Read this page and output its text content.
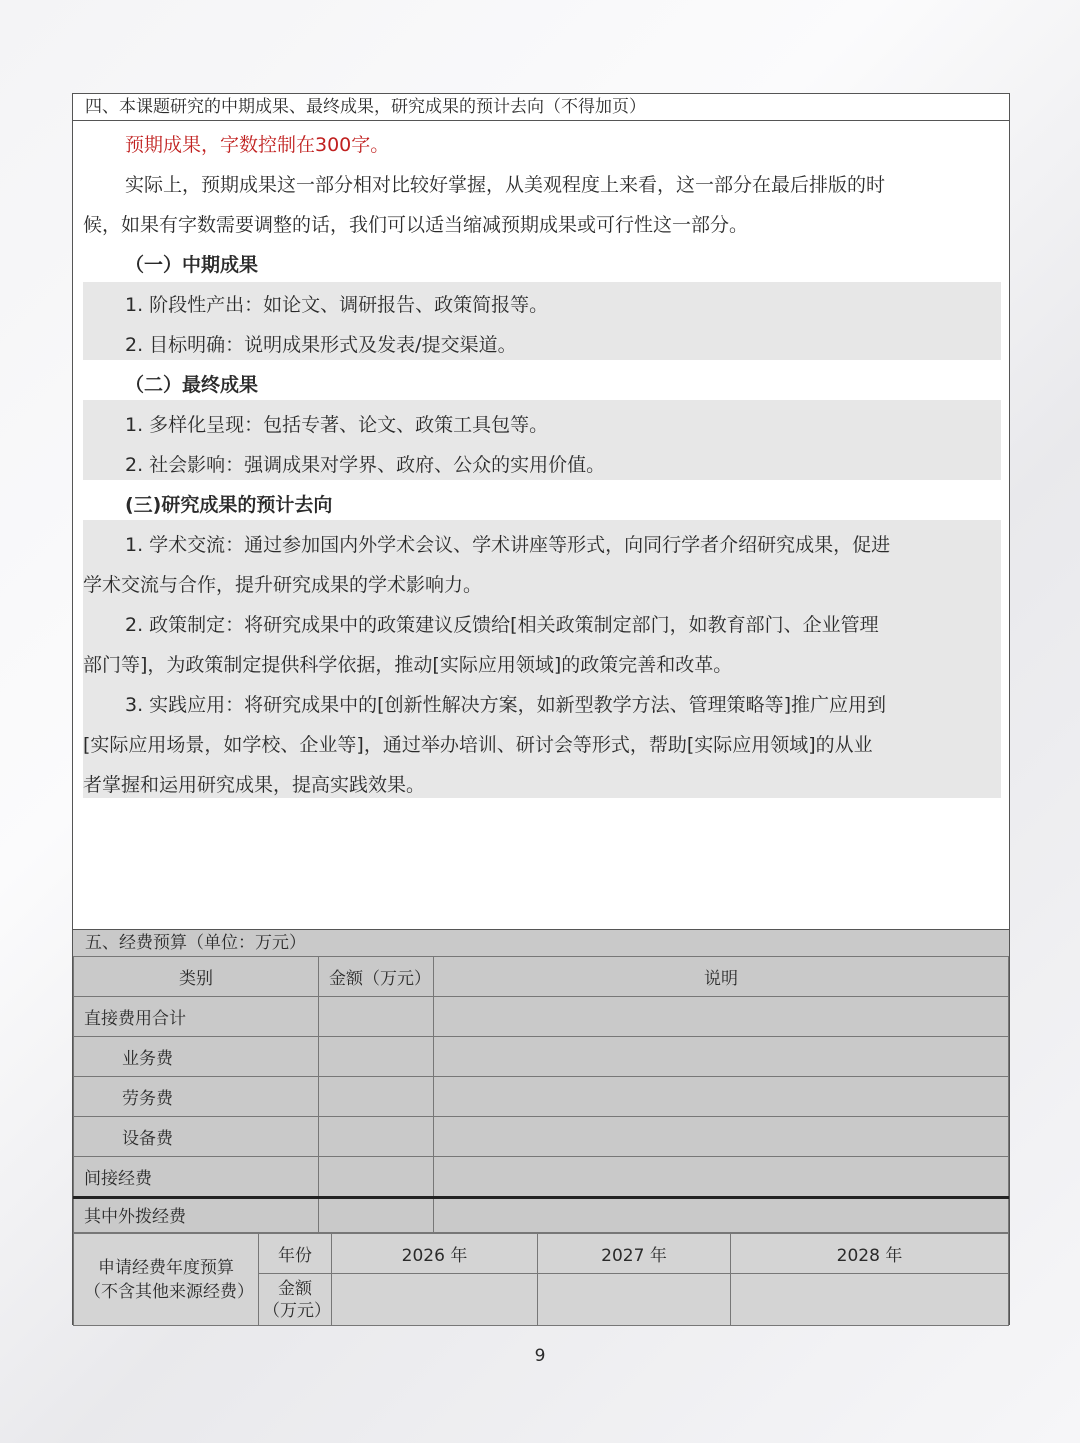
四、本课题研究的中期成果、最终成果，研究成果的预计去向（不得加页）
预期成果，字数控制在300字。
实际上，预期成果这一部分相对比较好掌握，从美观程度上来看，这一部分在最后排版的时
候，如果有字数需要调整的话，我们可以适当缩减预期成果或可行性这一部分。
（一）中期成果
1. 阶段性产出：如论文、调研报告、政策简报等。
2. 目标明确：说明成果形式及发表/提交渠道。
（二）最终成果
1. 多样化呈现：包括专著、论文、政策工具包等。
2. 社会影响：强调成果对学界、政府、公众的实用价值。
(三)研究成果的预计去向
1. 学术交流：通过参加国内外学术会议、学术讲座等形式，向同行学者介绍研究成果，促进
学术交流与合作，提升研究成果的学术影响力。
2. 政策制定：将研究成果中的政策建议反馈给[相关政策制定部门，如教育部门、企业管理
部门等]，为政策制定提供科学依据，推动[实际应用领域]的政策完善和改革。
3. 实践应用：将研究成果中的[创新性解决方案，如新型教学方法、管理策略等]推广应用到
[实际应用场景，如学校、企业等]，通过举办培训、研讨会等形式，帮助[实际应用领域]的从业
者掌握和运用研究成果，提高实践效果。
五、经费预算（单位：万元）
类别	金额（万元）	说明
直接费用合计		
业务费		
劳务费		
设备费		
间接经费		
其中外拨经费		
申请经费年度预算（不含其他来源经费）	年份	2026 年	2027 年	2028 年
	金额（万元）			
9
